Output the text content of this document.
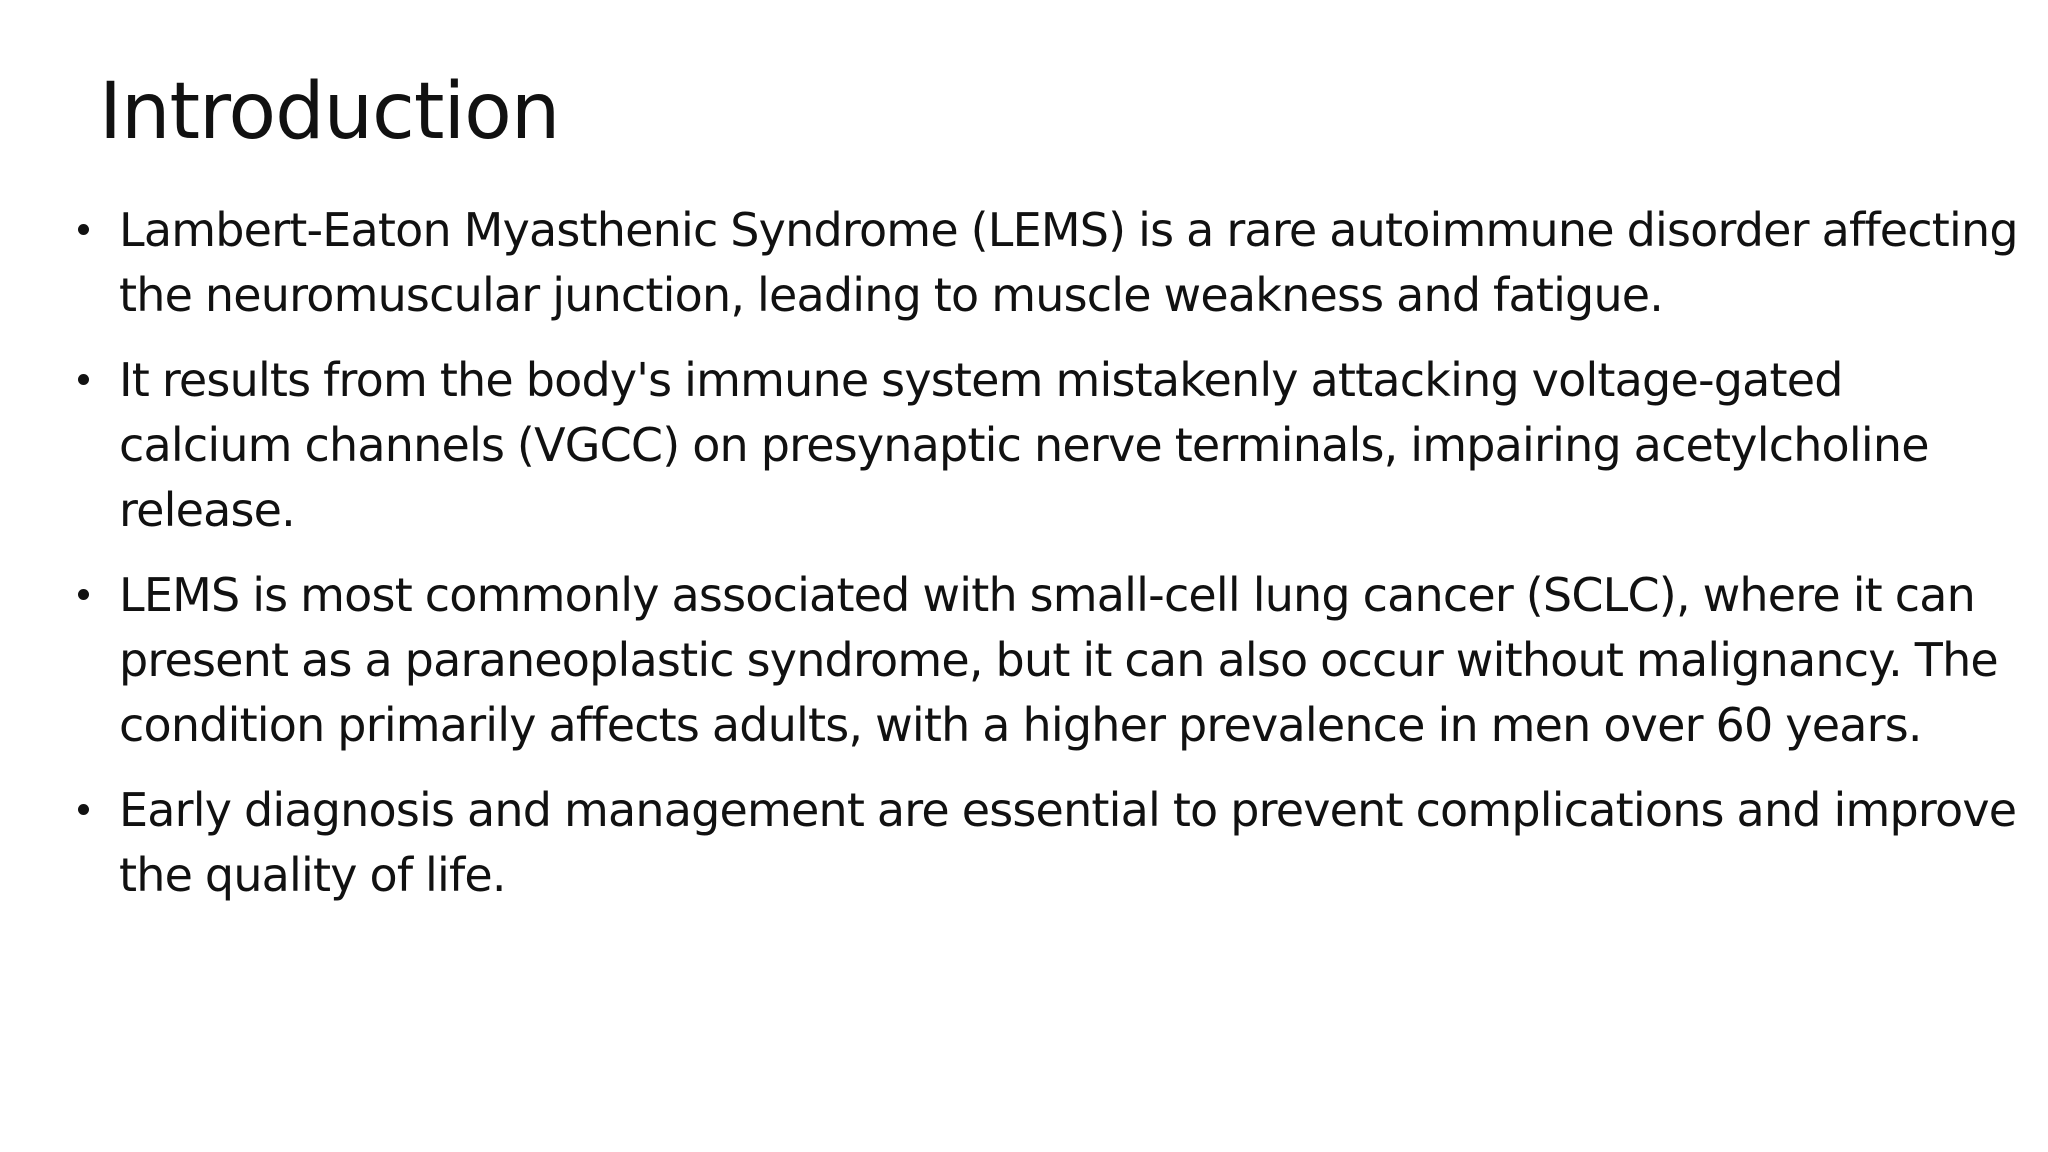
Introduction
Lambert-Eaton Myasthenic Syndrome (LEMS) is a rare autoimmune disorder affecting the neuromuscular junction, leading to muscle weakness and fatigue.
It results from the body's immune system mistakenly attacking voltage-gated calcium channels (VGCC) on presynaptic nerve terminals, impairing acetylcholine release.
LEMS is most commonly associated with small-cell lung cancer (SCLC), where it can present as a paraneoplastic syndrome, but it can also occur without malignancy. The condition primarily affects adults, with a higher prevalence in men over 60 years.
Early diagnosis and management are essential to prevent complications and improve the quality of life.
